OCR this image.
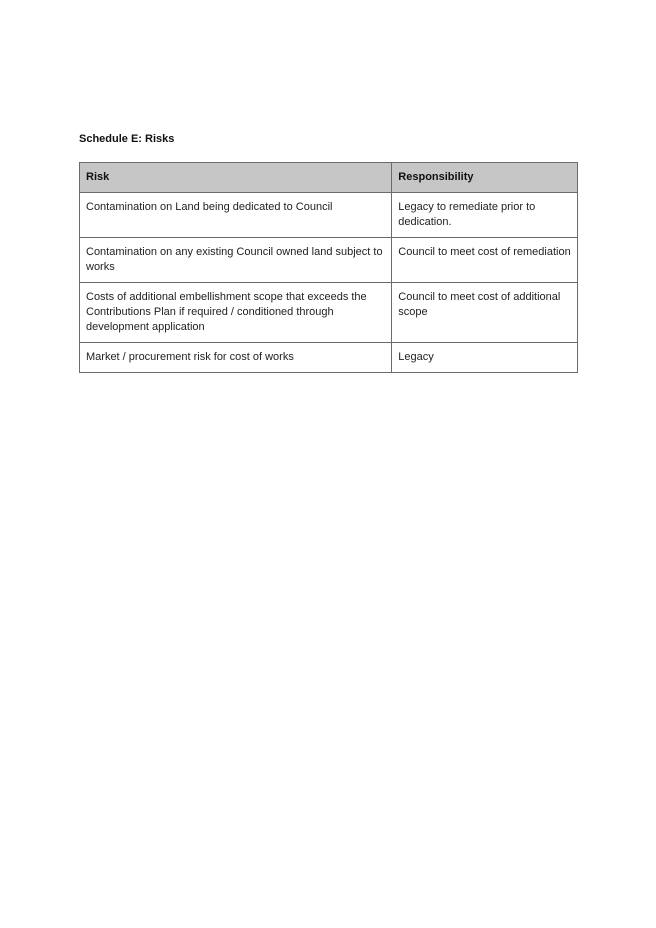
Schedule E: Risks

Risk	Responsibility
Contamination on Land being dedicated to Council	Legacy to remediate prior to dedication.
Contamination on any existing Council owned land subject to works	Council to meet cost of remediation
Costs of additional embellishment scope that exceeds the Contributions Plan if required / conditioned through development application	Council to meet cost of additional scope
Market / procurement risk for cost of works	Legacy
